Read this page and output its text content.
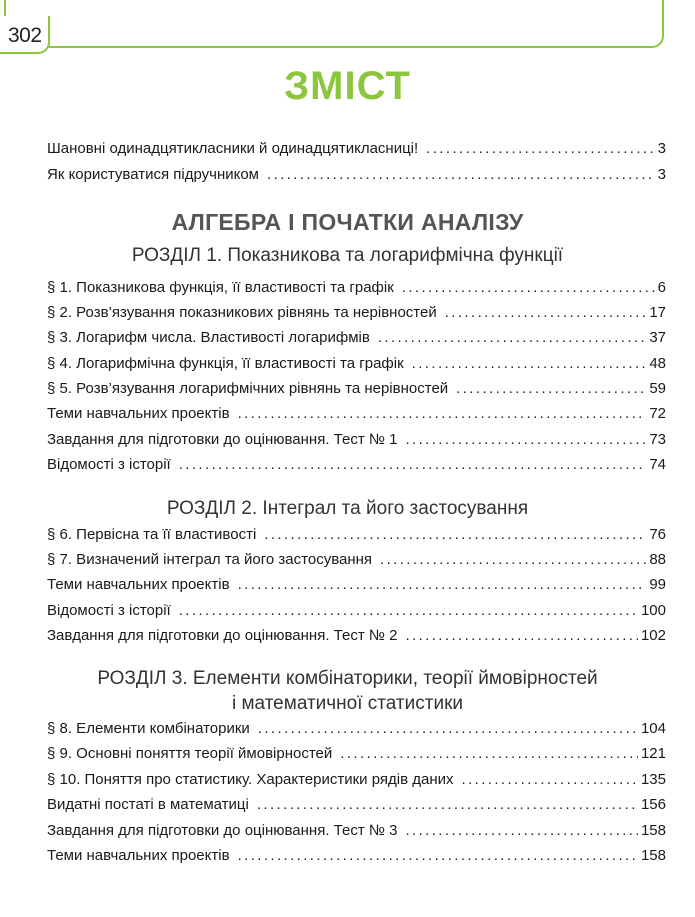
302
ЗМІСТ
Шановні одинадцятикласники й одинадцятикласниці! .....	3
Як користуватися підручником .....	3
АЛГЕБРА І ПОЧАТКИ АНАЛІЗУ
РОЗДІЛ 1. Показникова та логарифмічна функції
§ 1. Показникова функція, її властивості та графік .....	6
§ 2. Розв’язування показникових рівнянь та нерівностей .....	17
§ 3. Логарифм числа. Властивості логарифмів .....	37
§ 4. Логарифмічна функція, її властивості та графік .....	48
§ 5. Розв’язування логарифмічних рівнянь та нерівностей .....	59
Теми навчальних проектів .....	72
Завдання для підготовки до оцінювання. Тест № 1 .....	73
Відомості з історії .....	74
РОЗДІЛ 2. Інтеграл та його застосування
§ 6. Первісна та її властивості .....	76
§ 7. Визначений інтеграл та його застосування .....	88
Теми навчальних проектів .....	99
Відомості з історії .....	100
Завдання для підготовки до оцінювання. Тест № 2 .....	102
РОЗДІЛ 3. Елементи комбінаторики, теорії ймовірностей
і математичної статистики
§ 8. Елементи комбінаторики .....	104
§ 9. Основні поняття теорії ймовірностей .....	121
§ 10. Поняття про статистику. Характеристики рядів даних .....	135
Видатні постаті в математиці .....	156
Завдання для підготовки до оцінювання. Тест № 3 .....	158
Теми навчальних проектів .....	158
